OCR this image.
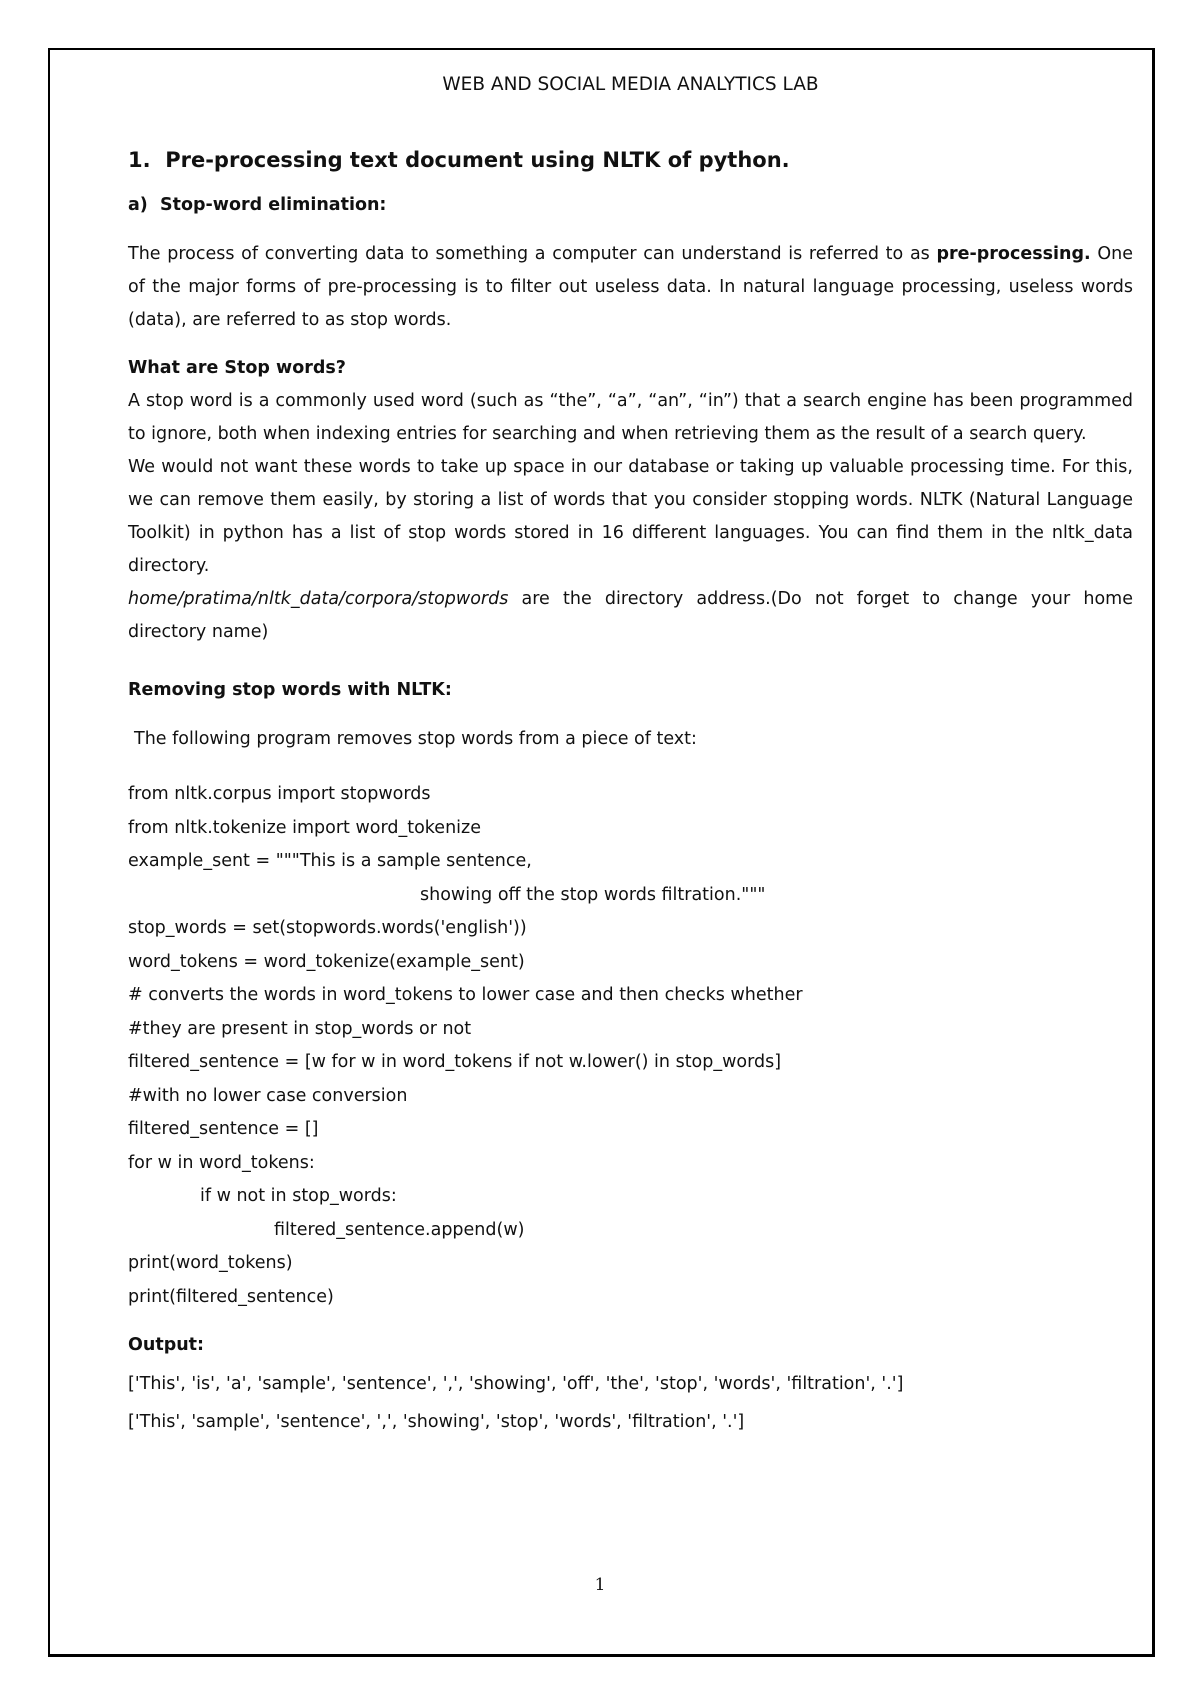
WEB AND SOCIAL MEDIA ANALYTICS LAB

1. Pre-processing text document using NLTK of python.

a) Stop-word elimination:

The process of converting data to something a computer can understand is referred to as pre-processing. One of the major forms of pre-processing is to filter out useless data. In natural language processing, useless words (data), are referred to as stop words.

What are Stop words?

A stop word is a commonly used word (such as “the”, “a”, “an”, “in”) that a search engine has been programmed to ignore, both when indexing entries for searching and when retrieving them as the result of a search query.

We would not want these words to take up space in our database or taking up valuable processing time. For this, we can remove them easily, by storing a list of words that you consider stopping words. NLTK (Natural Language Toolkit) in python has a list of stop words stored in 16 different languages. You can find them in the nltk_data directory.

home/pratima/nltk_data/corpora/stopwords are the directory address.(Do not forget to change your home directory name)

Removing stop words with NLTK:

The following program removes stop words from a piece of text:

from nltk.corpus import stopwords
from nltk.tokenize import word_tokenize
example_sent = """This is a sample sentence,
showing off the stop words filtration."""
stop_words = set(stopwords.words('english'))
word_tokens = word_tokenize(example_sent)
# converts the words in word_tokens to lower case and then checks whether
#they are present in stop_words or not
filtered_sentence = [w for w in word_tokens if not w.lower() in stop_words]
#with no lower case conversion
filtered_sentence = []
for w in word_tokens:
if w not in stop_words:
filtered_sentence.append(w)
print(word_tokens)
print(filtered_sentence)

Output:

['This', 'is', 'a', 'sample', 'sentence', ',', 'showing', 'off', 'the', 'stop', 'words', 'filtration', '.']

['This', 'sample', 'sentence', ',', 'showing', 'stop', 'words', 'filtration', '.']

1
